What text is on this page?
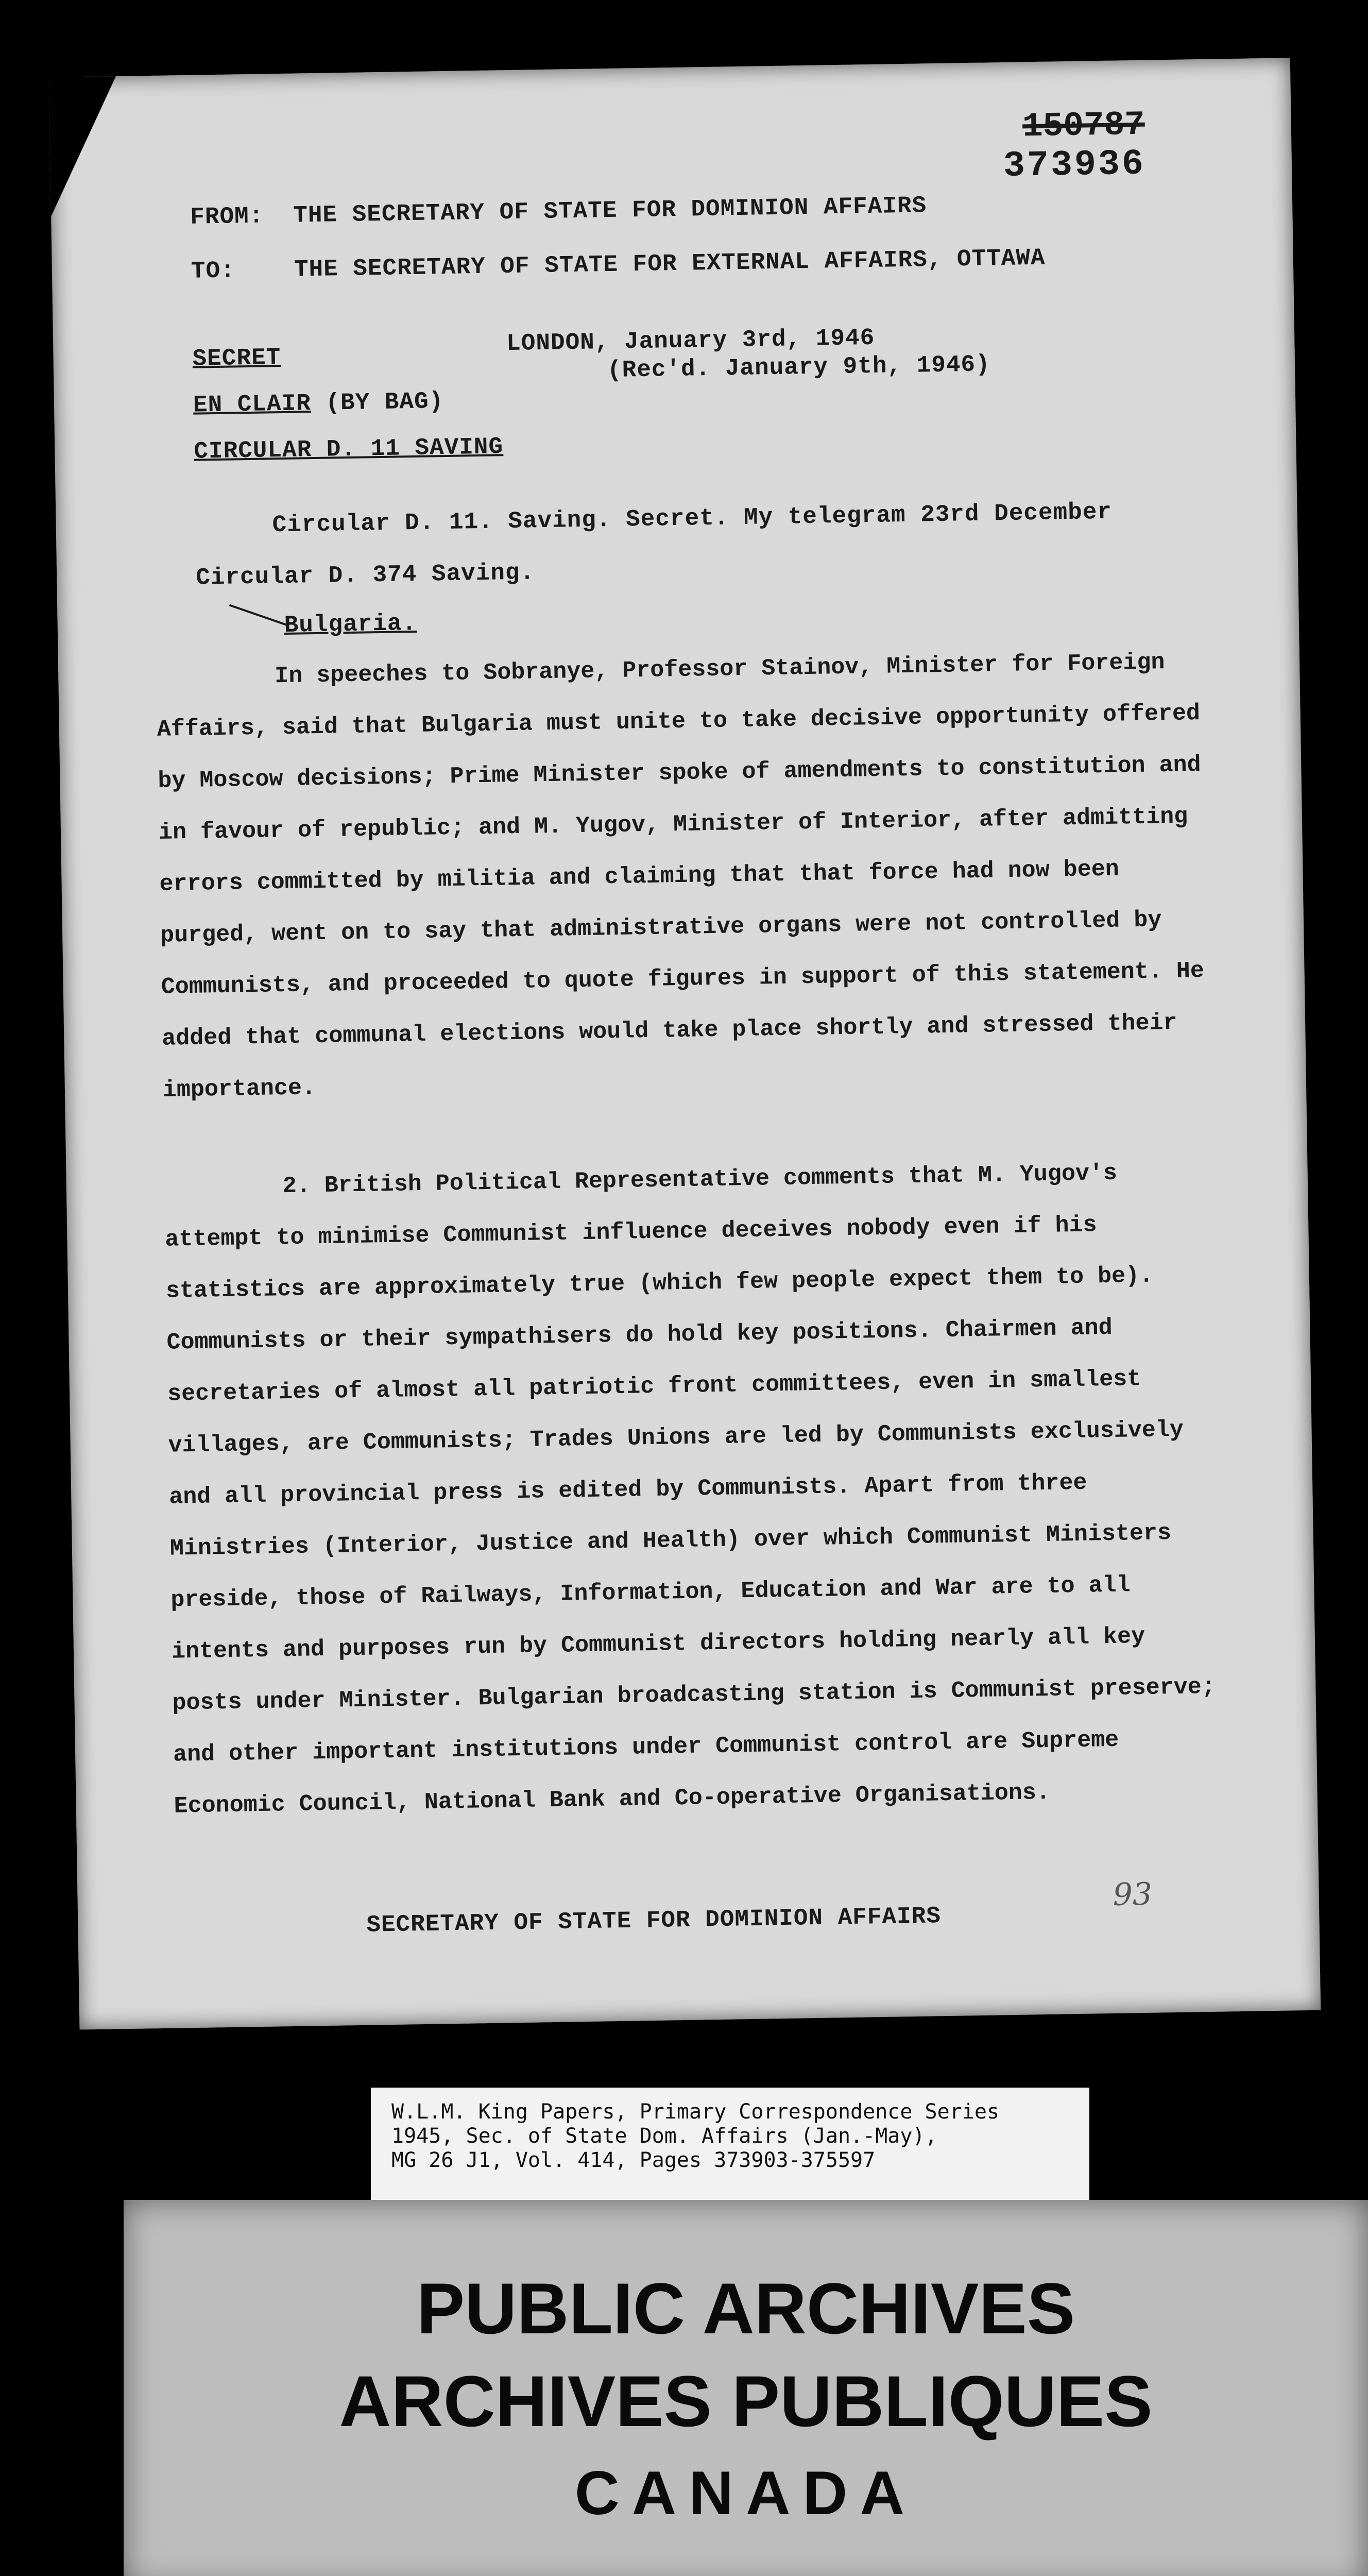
150787
373936

FROM: THE SECRETARY OF STATE FOR DOMINION AFFAIRS

TO: THE SECRETARY OF STATE FOR EXTERNAL AFFAIRS, OTTAWA

SECRET

LONDON, January 3rd, 1946

(Rec'd. January 9th, 1946)

EN CLAIR (BY BAG)

CIRCULAR D. 11 SAVING

Circular D. 11. Saving. Secret. My telegram 23rd December

Circular D. 374 Saving.

Bulgaria.

In speeches to Sobranye, Professor Stainov, Minister for Foreign Affairs, said that Bulgaria must unite to take decisive opportunity offered by Moscow decisions; Prime Minister spoke of amendments to constitution and in favour of republic; and M. Yugov, Minister of Interior, after admitting errors committed by militia and claiming that that force had now been purged, went on to say that administrative organs were not controlled by Communists, and proceeded to quote figures in support of this statement. He added that communal elections would take place shortly and stressed their importance.

2. British Political Representative comments that M. Yugov's attempt to minimise Communist influence deceives nobody even if his statistics are approximately true (which few people expect them to be). Communists or their sympathisers do hold key positions. Chairmen and secretaries of almost all patriotic front committees, even in smallest villages, are Communists; Trades Unions are led by Communists exclusively and all provincial press is edited by Communists. Apart from three Ministries (Interior, Justice and Health) over which Communist Ministers preside, those of Railways, Information, Education and War are to all intents and purposes run by Communist directors holding nearly all key posts under Minister. Bulgarian broadcasting station is Communist preserve; and other important institutions under Communist control are Supreme Economic Council, National Bank and Co-operative Organisations.

SECRETARY OF STATE FOR DOMINION AFFAIRS

93

W.L.M. King Papers, Primary Correspondence Series

1945, Sec. of State Dom. Affairs (Jan.-May),

MG 26 J1, Vol. 414, Pages 373903-375597

PUBLIC ARCHIVES

ARCHIVES PUBLIQUES

CANADA
